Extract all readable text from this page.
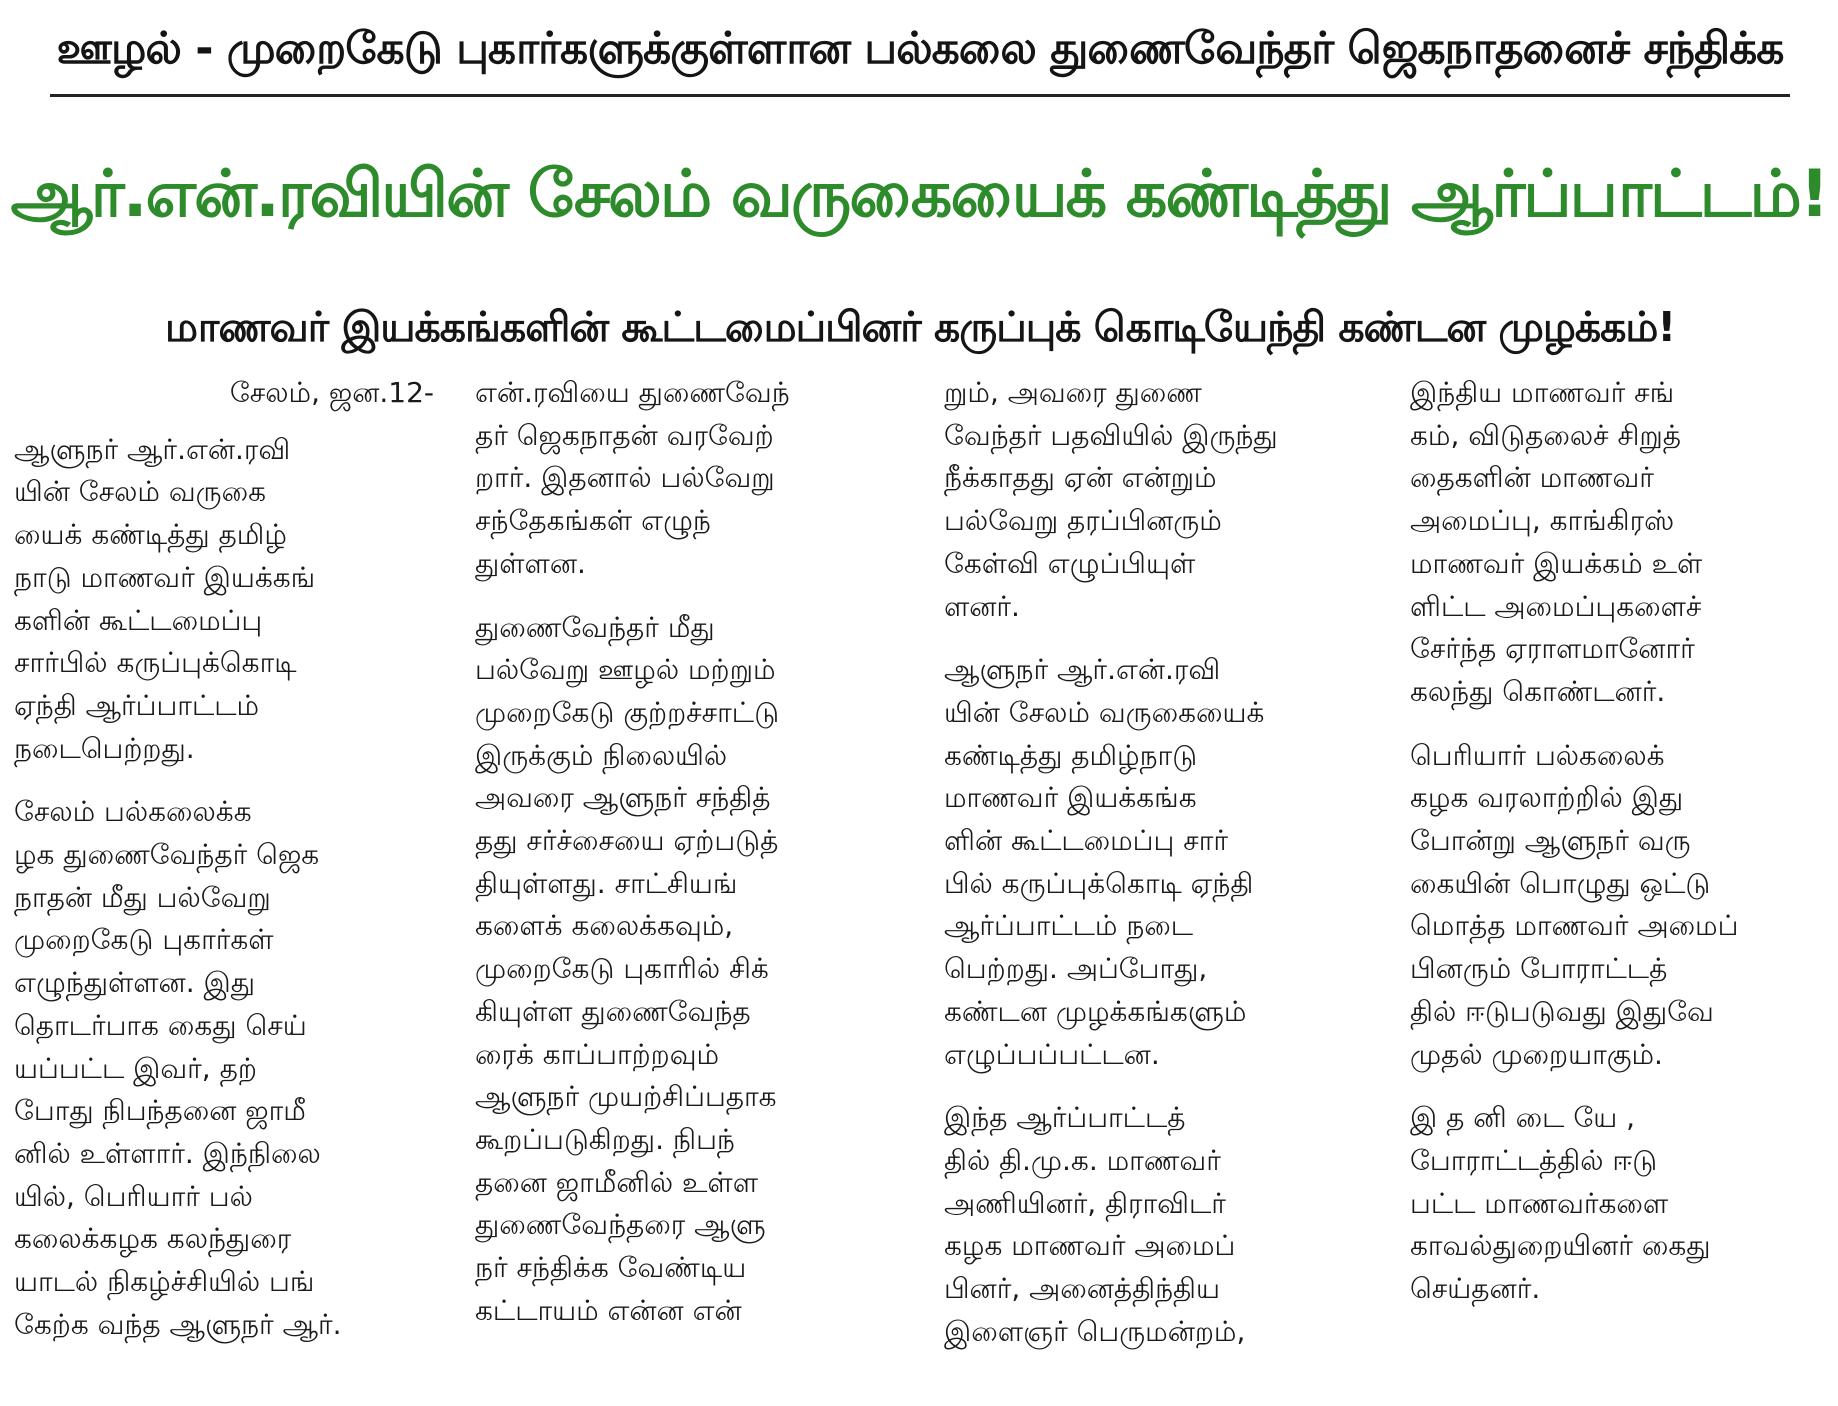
ஊழல் - முறைகேடு புகார்களுக்குள்ளான பல்கலை துணைவேந்தர் ஜெகநாதனைச் சந்திக்க
ஆர்.என்.ரவியின் சேலம் வருகையைக் கண்டித்து ஆர்ப்பாட்டம்!
மாணவர் இயக்கங்களின் கூட்டமைப்பினர் கருப்புக் கொடியேந்தி கண்டன முழக்கம்!
சேலம், ஜன.12-

ஆளுநர் ஆர்.என்.ரவி
யின் சேலம் வருகை
யைக் கண்டித்து தமிழ்
நாடு மாணவர் இயக்கங்
களின் கூட்டமைப்பு
சார்பில் கருப்புக்கொடி
ஏந்தி ஆர்ப்பாட்டம்
நடைபெற்றது.

சேலம் பல்கலைக்க
ழக துணைவேந்தர் ஜெக
நாதன் மீது பல்வேறு
முறைகேடு புகார்கள்
எழுந்துள்ளன. இது
தொடர்பாக கைது செய்
யப்பட்ட இவர், தற்
போது நிபந்தனை ஜாமீ
னில் உள்ளார். இந்நிலை
யில், பெரியார் பல்
கலைக்கழக கலந்துரை
யாடல் நிகழ்ச்சியில் பங்
கேற்க வந்த ஆளுநர் ஆர்.

என்.ரவியை துணைவேந்
தர் ஜெகநாதன் வரவேற்
றார். இதனால் பல்வேறு
சந்தேகங்கள் எழுந்
துள்ளன.

துணைவேந்தர் மீது
பல்வேறு ஊழல் மற்றும்
முறைகேடு குற்றச்சாட்டு
இருக்கும் நிலையில்
அவரை ஆளுநர் சந்தித்
தது சர்ச்சையை ஏற்படுத்
தியுள்ளது. சாட்சியங்
களைக் கலைக்கவும்,
முறைகேடு புகாரில் சிக்
கியுள்ள துணைவேந்த
ரைக் காப்பாற்றவும்
ஆளுநர் முயற்சிப்பதாக
கூறப்படுகிறது. நிபந்
தனை ஜாமீனில் உள்ள
துணைவேந்தரை ஆளு
நர் சந்திக்க வேண்டிய
கட்டாயம் என்ன என்

றும், அவரை துணை
வேந்தர் பதவியில் இருந்து
நீக்காதது ஏன் என்றும்
பல்வேறு தரப்பினரும்
கேள்வி எழுப்பியுள்
ளனர்.

ஆளுநர் ஆர்.என்.ரவி
யின் சேலம் வருகையைக்
கண்டித்து தமிழ்நாடு
மாணவர் இயக்கங்க
ளின் கூட்டமைப்பு சார்
பில் கருப்புக்கொடி ஏந்தி
ஆர்ப்பாட்டம் நடை
பெற்றது. அப்போது,
கண்டன முழக்கங்களும்
எழுப்பப்பட்டன.

இந்த ஆர்ப்பாட்டத்
தில் தி.மு.க. மாணவர்
அணியினர், திராவிடர்
கழக மாணவர் அமைப்
பினர், அனைத்திந்திய
இளைஞர் பெருமன்றம்,

இந்திய மாணவர் சங்
கம், விடுதலைச் சிறுத்
தைகளின் மாணவர்
அமைப்பு, காங்கிரஸ்
மாணவர் இயக்கம் உள்
ளிட்ட அமைப்புகளைச்
சேர்ந்த ஏராளமானோர்
கலந்து கொண்டனர்.

பெரியார் பல்கலைக்
கழக வரலாற்றில் இது
போன்று ஆளுநர் வரு
கையின் பொழுது ஒட்டு
மொத்த மாணவர் அமைப்
பினரும் போராட்டத்
தில் ஈடுபடுவது இதுவே
முதல் முறையாகும்.

இ த னி டை யே ,
போராட்டத்தில் ஈடு
பட்ட மாணவர்களை
காவல்துறையினர் கைது
செய்தனர்.
